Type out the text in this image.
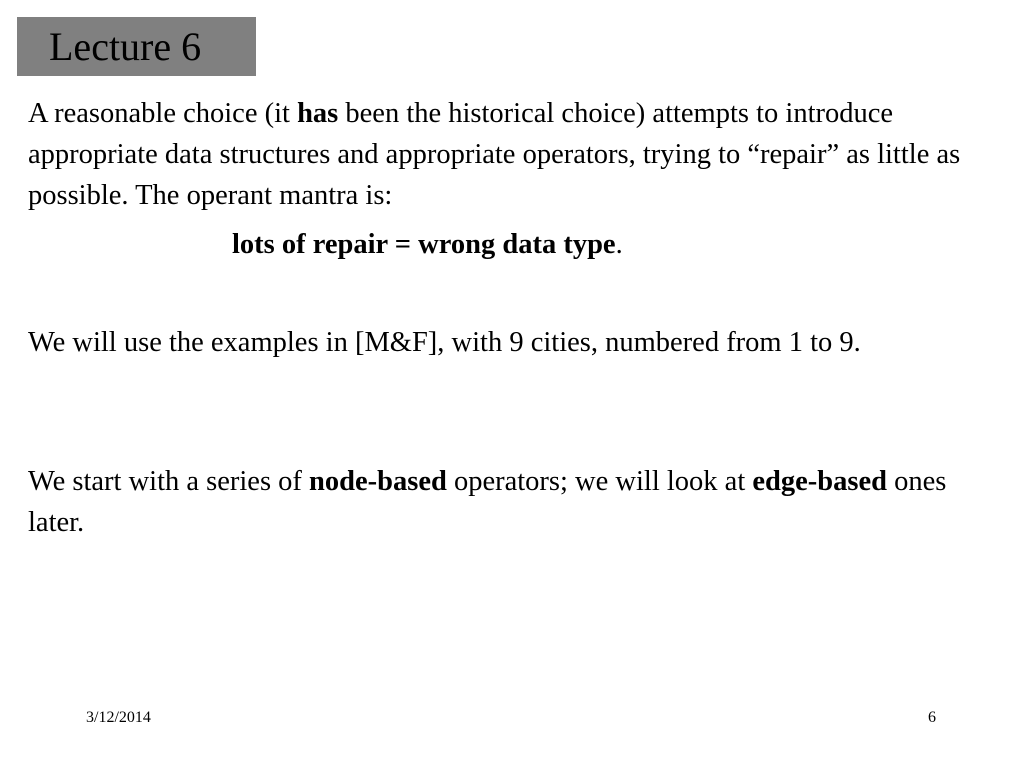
Lecture 6
A reasonable choice (it has been the historical choice) attempts to introduce appropriate data structures and appropriate operators, trying to “repair” as little as possible. The operant mantra is:
lots of repair = wrong data type.
We will use the examples in [M&F], with 9 cities, numbered from 1 to 9.
We start with a series of node-based operators; we will look at edge-based ones later.
3/12/2014	6
